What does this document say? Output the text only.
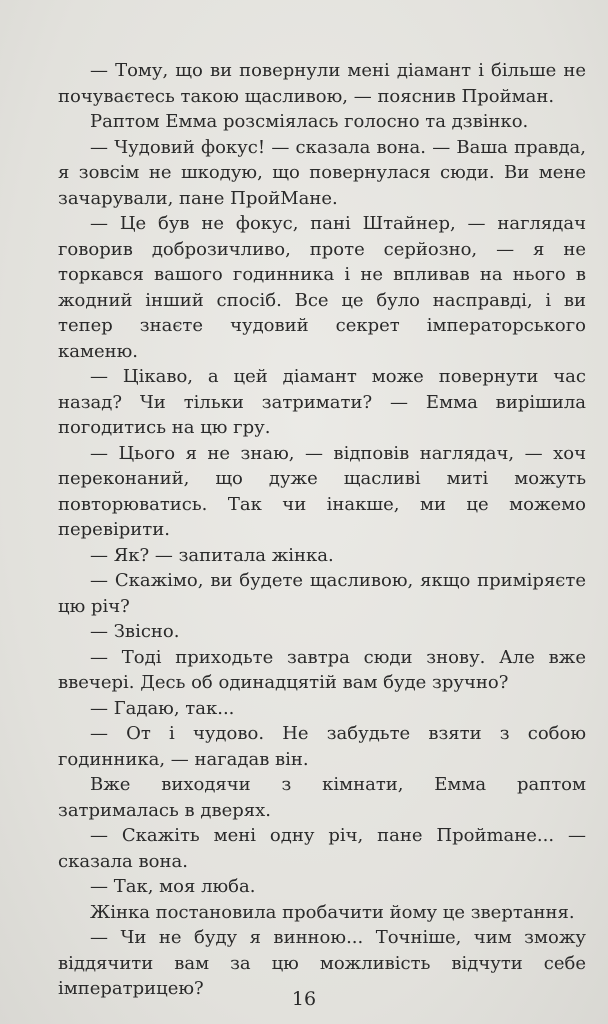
— Тому, що ви повернули мені діамант і більше не почуваєтесь такою щасливою, — пояснив Пройман.

Раптом Емма розсміялась голосно та дзвінко.

— Чудовий фокус! — сказала вона. — Ваша правда, я зовсім не шкодую, що повернулася сюди. Ви мене зачарували, пане ПройМане.

— Це був не фокус, пані Штайнер, — наглядач говорив доброзичливо, проте серйозно, — я не торкався вашого годинника і не впливав на нього в жодний інший спосіб. Все це було насправді, і ви тепер знаєте чудовий секрет імператорського каменю.

— Цікаво, а цей діамант може повернути час назад? Чи тільки затримати? — Емма вирішила погодитись на цю гру.

— Цього я не знаю, — відповів наглядач, — хоч переконаний, що дуже щасливі миті можуть повторюватись. Так чи інакше, ми це можемо перевірити.

— Як? — запитала жінка.

— Скажімо, ви будете щасливою, якщо приміряєте цю річ?

— Звісно.

— Тоді приходьте завтра сюди знову. Але вже ввечері. Десь об одинадцятій вам буде зручно?

— Гадаю, так...

— От і чудово. Не забудьте взяти з собою годинника, — нагадав він.

Вже виходячи з кімнати, Емма раптом затрималась в дверях.

— Скажіть мені одну річ, пане Пройmане... — сказала вона.

— Так, моя люба.

Жінка постановила пробачити йому це звертання.

— Чи не буду я винною... Точніше, чим зможу віддячити вам за цю можливість відчути себе імператрицею?	16
